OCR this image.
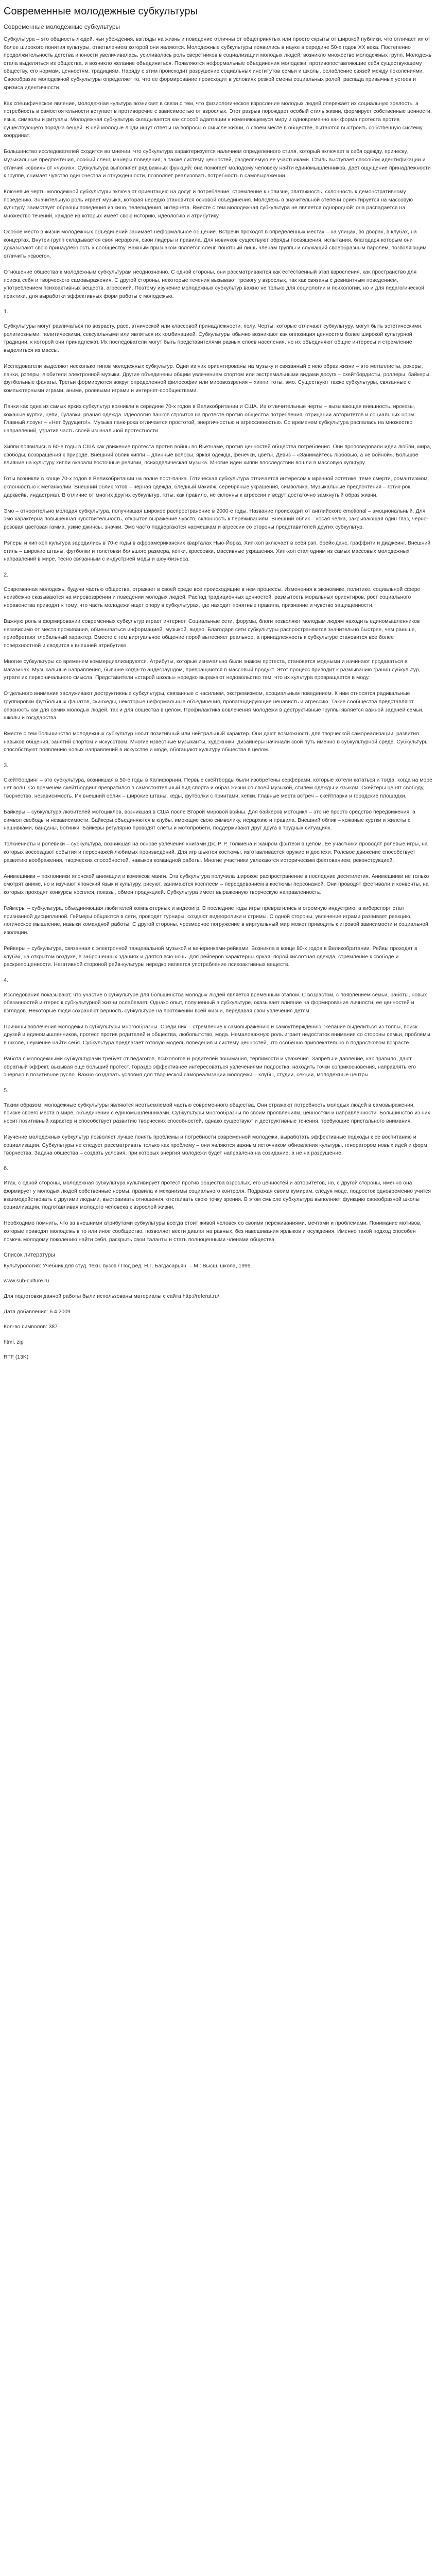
Современные молодежные субкультуры
Современные молодежные субкультуры

Субкультура – это общность людей, чьи убеждения, взгляды на жизнь и поведение отличны от общепринятых или просто скрыты от широкой публики, что отличает их от более широкого понятия культуры, ответвлением которой они являются. Молодежные субкультуры появились в науке в середине 50-х годов ХХ века. Постепенно продолжительность детства и юности увеличивалась, усиливалась роль сверстников в социализации молодых людей, возникло множество молодежных групп. Молодежь стала выделяться из общества, и возникло желание объединиться. Появляются неформальные объединения молодежи, противопоставляющие себя существующему обществу, его нормам, ценностям, традициям. Наряду с этим происходит разрушение социальных институтов семьи и школы, ослабление связей между поколениями. Своеобразие молодежной субкультуры определяет то, что ее формирование происходит в условиях резкой смены социальных ролей, распада привычных устоев и кризиса идентичности.

Как специфическое явление, молодежная культура возникает в связи с тем, что физиологическое взросление молодых людей опережает их социальную зрелость, а потребность в самостоятельности вступает в противоречие с зависимостью от взрослых. Этот разрыв порождает особый стиль жизни, формирует собственные ценности, язык, символы и ритуалы. Молодежная субкультура складывается как способ адаптации к изменяющемуся миру и одновременно как форма протеста против существующего порядка вещей. В ней молодые люди ищут ответы на вопросы о смысле жизни, о своем месте в обществе, пытаются выстроить собственную систему координат.

Большинство исследователей сходится во мнении, что субкультура характеризуется наличием определенного стиля, который включает в себя одежду, прическу, музыкальные предпочтения, особый сленг, манеры поведения, а также систему ценностей, разделяемую ее участниками. Стиль выступает способом идентификации и отличия «своих» от «чужих». Субкультура выполняет ряд важных функций: она помогает молодому человеку найти единомышленников, дает ощущение принадлежности к группе, снимает чувство одиночества и отчужденности, позволяет реализовать потребность в самовыражении.

Ключевые черты молодежной субкультуры включают ориентацию на досуг и потребление, стремление к новизне, эпатажность, склонность к демонстративному поведению. Значительную роль играет музыка, которая нередко становится основой объединения. Молодежь в значительной степени ориентируется на массовую культуру, заимствует образцы поведения из кино, телевидения, интернета. Вместе с тем молодежная субкультура не является однородной: она распадается на множество течений, каждое из которых имеет свою историю, идеологию и атрибутику.

Особое место в жизни молодежных объединений занимает неформальное общение. Встречи проходят в определенных местах – на улицах, во дворах, в клубах, на концертах. Внутри групп складывается своя иерархия, свои лидеры и правила. Для новичков существуют обряды посвящения, испытания, благодаря которым они доказывают свою принадлежность к сообществу. Важным признаком является сленг, понятный лишь членам группы и служащий своеобразным паролем, позволяющим отличить «своего».

Отношение общества к молодежным субкультурам неоднозначно. С одной стороны, они рассматриваются как естественный этап взросления, как пространство для поиска себя и творческого самовыражения. С другой стороны, некоторые течения вызывают тревогу у взрослых, так как связаны с девиантным поведением, употреблением психоактивных веществ, агрессией. Поэтому изучение молодежных субкультур важно не только для социологии и психологии, но и для педагогической практики, для выработки эффективных форм работы с молодежью.

1.

Субкультуры могут различаться по возрасту, расе, этнической или классовой принадлежности, полу. Черты, которые отличают субкультуру, могут быть эстетическими, религиозными, политическими, сексуальными или являться их комбинацией. Субкультуры обычно возникают как оппозиция ценностям более широкой культурной традиции, к которой они принадлежат. Их последователи могут быть представителями разных слоев населения, но их объединяют общие интересы и стремление выделиться из массы.

Исследователи выделяют несколько типов молодежных субкультур. Одни из них ориентированы на музыку и связанный с нею образ жизни – это металлисты, рокеры, панки, рэперы, любители электронной музыки. Другие объединены общим увлечением спортом или экстремальными видами досуга – скейтбордисты, роллеры, байкеры, футбольные фанаты. Третьи формируются вокруг определенной философии или мировоззрения – хиппи, готы, эмо. Существуют также субкультуры, связанные с компьютерными играми, аниме, ролевыми играми и интернет-сообществами.

Панки как одна из самых ярких субкультур возникли в середине 70-х годов в Великобритании и США. Их отличительные черты – вызывающая внешность, ирокезы, кожаные куртки, цепи, булавки, рваная одежда. Идеология панков строится на протесте против общества потребления, отрицании авторитетов и социальных норм. Главный лозунг – «Нет будущего!». Музыка панк-рока отличается простотой, энергичностью и агрессивностью. Со временем субкультура распалась на множество направлений, утратив часть своей изначальной протестности.

Хиппи появились в 60-е годы в США как движение протеста против войны во Вьетнаме, против ценностей общества потребления. Они проповедовали идеи любви, мира, свободы, возвращения к природе. Внешний облик хиппи – длинные волосы, яркая одежда, фенечки, цветы. Девиз – «Занимайтесь любовью, а не войной». Большое влияние на культуру хиппи оказали восточные религии, психоделическая музыка. Многие идеи хиппи впоследствии вошли в массовую культуру.

Готы возникли в конце 70-х годов в Великобритании на волне пост-панка. Готическая субкультура отличается интересом к мрачной эстетике, теме смерти, романтизмом, склонностью к меланхолии. Внешний облик готов – черная одежда, бледный макияж, серебряные украшения, символика. Музыкальные предпочтения – готик-рок, дарквейв, индастриал. В отличие от многих других субкультур, готы, как правило, не склонны к агрессии и ведут достаточно замкнутый образ жизни.

Эмо – относительно молодая субкультура, получившая широкое распространение в 2000-е годы. Название происходит от английского emotional – эмоциональный. Для эмо характерна повышенная чувствительность, открытое выражение чувств, склонность к переживаниям. Внешний облик – косая челка, закрывающая один глаз, черно-розовая цветовая гамма, узкие джинсы, значки. Эмо часто подвергаются насмешкам и агрессии со стороны представителей других субкультур.

Рэперы и хип-хоп культура зародились в 70-е годы в афроамериканских кварталах Нью-Йорка. Хип-хоп включает в себя рэп, брейк-данс, граффити и диджеинг. Внешний стиль – широкие штаны, футболки и толстовки большого размера, кепки, кроссовки, массивные украшения. Хип-хоп стал одним из самых массовых молодежных направлений в мире, тесно связанным с индустрией моды и шоу-бизнеса.

2.

Современная молодежь, будучи частью общества, отражает в своей среде все происходящие в нем процессы. Изменения в экономике, политике, социальной сфере неизбежно сказываются на мировоззрении и поведении молодых людей. Распад традиционных ценностей, размытость моральных ориентиров, рост социального неравенства приводят к тому, что часть молодежи ищет опору в субкультурах, где находит понятные правила, признание и чувство защищенности.

Важную роль в формировании современных субкультур играет интернет. Социальные сети, форумы, блоги позволяют молодым людям находить единомышленников независимо от места проживания, обмениваться информацией, музыкой, видео. Благодаря сети субкультуры распространяются значительно быстрее, чем раньше, приобретают глобальный характер. Вместе с тем виртуальное общение порой вытесняет реальное, а принадлежность к субкультуре становится все более поверхностной и сводится к внешней атрибутике.

Многие субкультуры со временем коммерциализируются. Атрибуты, которые изначально были знаком протеста, становятся модными и начинают продаваться в магазинах. Музыкальные направления, бывшие когда-то андеграундом, превращаются в массовый продукт. Этот процесс приводит к размыванию границ субкультур, утрате их первоначального смысла. Представители «старой школы» нередко выражают недовольство тем, что их культура превращается в моду.

Отдельного внимания заслуживают деструктивные субкультуры, связанные с насилием, экстремизмом, асоциальным поведением. К ним относятся радикальные группировки футбольных фанатов, скинхеды, некоторые неформальные объединения, пропагандирующие ненависть и агрессию. Такие сообщества представляют опасность как для самих молодых людей, так и для общества в целом. Профилактика вовлечения молодежи в деструктивные группы является важной задачей семьи, школы и государства.

Вместе с тем большинство молодежных субкультур носит позитивный или нейтральный характер. Они дают возможность для творческой самореализации, развития навыков общения, занятий спортом и искусством. Многие известные музыканты, художники, дизайнеры начинали свой путь именно в субкультурной среде. Субкультуры способствуют появлению новых направлений в искусстве и моде, обогащают культуру общества в целом.

3.

Скейтбординг – это субкультура, возникшая в 50-е годы в Калифорнии. Первые скейтборды были изобретены серферами, которые хотели кататься и тогда, когда на море нет волн. Со временем скейтбординг превратился в самостоятельный вид спорта и образ жизни со своей музыкой, стилем одежды и языком. Скейтеры ценят свободу, творчество, независимость. Их внешний облик – широкие штаны, кеды, футболки с принтами, кепки. Главные места встреч – скейтпарки и городские площадки.

Байкеры – субкультура любителей мотоциклов, возникшая в США после Второй мировой войны. Для байкеров мотоцикл – это не просто средство передвижения, а символ свободы и независимости. Байкеры объединяются в клубы, имеющие свою символику, иерархию и правила. Внешний облик – кожаные куртки и жилеты с нашивками, банданы, ботинки. Байкеры регулярно проводят слеты и мотопробеги, поддерживают друг друга в трудных ситуациях.

Толкиенисты и ролевики – субкультура, возникшая на основе увлечения книгами Дж. Р. Р. Толкиена и жанром фэнтези в целом. Ее участники проводят ролевые игры, на которых воссоздают события и персонажей любимых произведений. Для игр шьются костюмы, изготавливается оружие и доспехи. Ролевое движение способствует развитию воображения, творческих способностей, навыков командной работы. Многие участники увлекаются историческим фехтованием, реконструкцией.

Анимешники – поклонники японской анимации и комиксов манги. Эта субкультура получила широкое распространение в последние десятилетия. Анимешники не только смотрят аниме, но и изучают японский язык и культуру, рисуют, занимаются косплеем – переодеванием в костюмы персонажей. Они проводят фестивали и конвенты, на которых проходят конкурсы косплея, показы, обмен продукцией. Субкультура имеет выраженную творческую направленность.

Геймеры – субкультура, объединяющая любителей компьютерных и видеоигр. В последние годы игры превратились в огромную индустрию, а киберспорт стал признанной дисциплиной. Геймеры общаются в сети, проводят турниры, создают видеоролики и стримы. С одной стороны, увлечение играми развивает реакцию, логическое мышление, навыки командной работы. С другой стороны, чрезмерное погружение в виртуальный мир может приводить к игровой зависимости и социальной изоляции.

Рейверы – субкультура, связанная с электронной танцевальной музыкой и вечеринками-рейвами. Возникла в конце 80-х годов в Великобритании. Рейвы проходят в клубах, на открытом воздухе, в заброшенных зданиях и длятся всю ночь. Для рейверов характерны яркая, порой кислотная одежда, стремление к свободе и раскрепощенности. Негативной стороной рейв-культуры нередко является употребление психоактивных веществ.

4.

Исследования показывают, что участие в субкультуре для большинства молодых людей является временным этапом. С возрастом, с появлением семьи, работы, новых обязанностей интерес к субкультурной жизни ослабевает. Однако опыт, полученный в субкультуре, оказывает влияние на формирование личности, ее ценностей и взглядов. Некоторые люди сохраняют верность субкультуре на протяжении всей жизни, передавая свои увлечения детям.

Причины вовлечения молодежи в субкультуры многообразны. Среди них – стремление к самовыражению и самоутверждению, желание выделиться из толпы, поиск друзей и единомышленников, протест против родителей и общества, любопытство, мода. Немаловажную роль играет недостаток внимания со стороны семьи, проблемы в школе, неумение найти себя. Субкультура предлагает готовую модель поведения и систему ценностей, что особенно привлекательно в подростковом возрасте.

Работа с молодежными субкультурами требует от педагогов, психологов и родителей понимания, терпимости и уважения. Запреты и давление, как правило, дают обратный эффект, вызывая еще больший протест. Гораздо эффективнее интересоваться увлечениями подростка, находить точки соприкосновения, направлять его энергию в позитивное русло. Важно создавать условия для творческой самореализации молодежи – клубы, студии, секции, молодежные центры.

5.

Таким образом, молодежные субкультуры являются неотъемлемой частью современного общества. Они отражают потребность молодых людей в самовыражении, поиске своего места в мире, объединении с единомышленниками. Субкультуры многообразны по своим проявлениям, ценностям и направленности. Большинство из них носит позитивный характер и способствует развитию творческих способностей, однако существуют и деструктивные течения, требующие пристального внимания.

Изучение молодежных субкультур позволяет лучше понять проблемы и потребности современной молодежи, выработать эффективные подходы к ее воспитанию и социализации. Субкультуры не следует рассматривать только как проблему – они являются важным источником обновления культуры, генератором новых идей и форм творчества. Задача общества – создать условия, при которых энергия молодежи будет направлена на созидание, а не на разрушение.

6.

Итак, с одной стороны, молодежная субкультура культивирует протест против общества взрослых, его ценностей и авторитетов, но, с другой стороны, именно она формирует у молодых людей собственные нормы, правила и механизмы социального контроля. Подражая своим кумирам, следуя моде, подросток одновременно учится взаимодействовать с другими людьми, выстраивать отношения, отстаивать свою точку зрения. В этом смысле субкультура выполняет функцию своеобразной школы социализации, подготавливая молодого человека к взрослой жизни.

Необходимо помнить, что за внешними атрибутами субкультуры всегда стоит живой человек со своими переживаниями, мечтами и проблемами. Понимание мотивов, которые приводят молодежь в то или иное сообщество, позволяет вести диалог на равных, без навешивания ярлыков и осуждения. Именно такой подход способен помочь молодому поколению найти себя, раскрыть свои таланты и стать полноценными членами общества.

Список литературы

Культурология: Учебник для студ. техн. вузов / Под ред. Н.Г. Багдасарьян. – М.: Высш. школа, 1999.

www.sub-culture.ru

Для подготовки данной работы были использованы материалы с сайта http://referat.ru/

Дата добавления: 6.4.2009

Кол-во символов: 387

html, zip

RTF (13K)
